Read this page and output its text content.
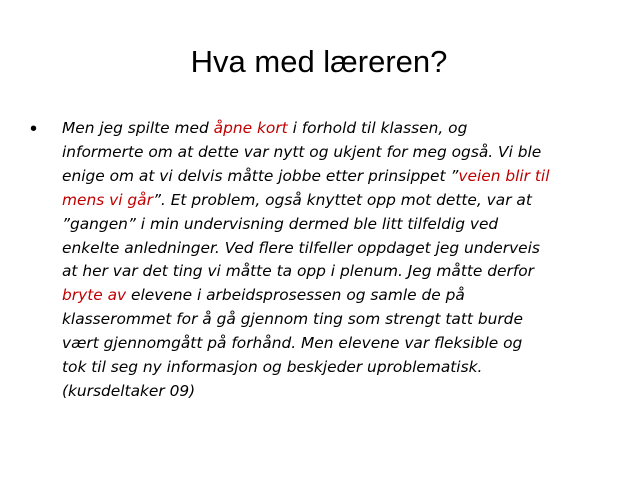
Hva med læreren?
• Men jeg spilte med åpne kort i forhold til klassen, og
informerte om at dette var nytt og ukjent for meg også. Vi ble
enige om at vi delvis måtte jobbe etter prinsippet ”veien blir til
mens vi går”. Et problem, også knyttet opp mot dette, var at
”gangen” i min undervisning dermed ble litt tilfeldig ved
enkelte anledninger. Ved flere tilfeller oppdaget jeg underveis
at her var det ting vi måtte ta opp i plenum. Jeg måtte derfor
bryte av elevene i arbeidsprosessen og samle de på
klasserommet for å gå gjennom ting som strengt tatt burde
vært gjennomgått på forhånd. Men elevene var fleksible og
tok til seg ny informasjon og beskjeder uproblematisk.
(kursdeltaker 09)
